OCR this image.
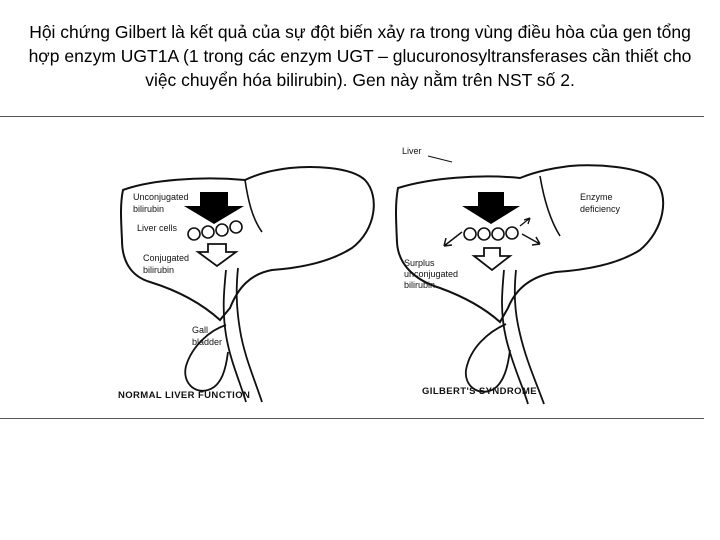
Hội chứng Gilbert là kết quả của sự đột biến xảy ra trong vùng điều hòa của gen tổng hợp enzym UGT1A (1 trong các enzym UGT – glucuronosyltransferases cần thiết cho việc chuyển hóa bilirubin). Gen này nằm trên NST số 2.
Unconjugated
bilirubin
Liver cells
Conjugated
bilirubin
Gall
bladder
NORMAL LIVER FUNCTION
Liver
Enzyme
deficiency
Surplus
unconjugated
bilirubin
GILBERT'S SYNDROME
